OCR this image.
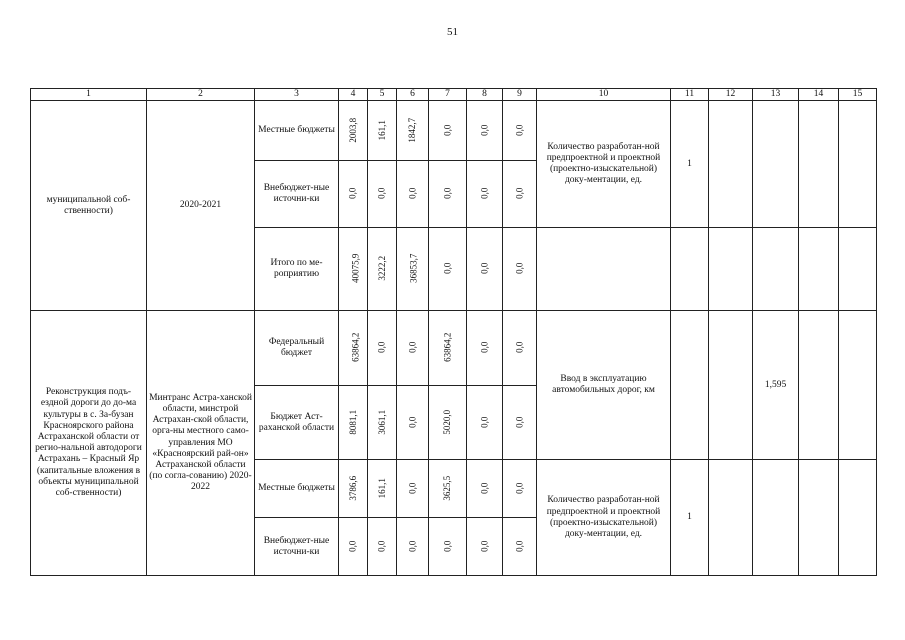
51
1	2	3	4	5	6	7	8	9	10	11	12	13	14	15
муниципальной соб-ственности)	2020-2021	Местные бюджеты	2003,8	161,1	1842,7	0,0	0,0	0,0	Количество разработан-ной предпроектной и проектной (проектно-изыскательной) доку-ментации, ед.	1				
		Внебюджет-ные источни-ки	0,0	0,0	0,0	0,0	0,0	0,0						
		Итого по ме-роприятию	40075,9	3222,2	36853,7	0,0	0,0	0,0						
Реконструкция подъ-ездной дороги до до-ма культуры в с. За-бузан Красноярского района Астраханской области от регио-нальной автодороги Астрахань – Красный Яр (капитальные вложения в объекты муниципальной соб-ственности)	Минтранс Астра-ханской области, минстрой Астрахан-ской области, орга-ны местного само-управления МО «Красноярский рай-он» Астраханской области (по согла-сованию) 2020-2022	Федеральный бюджет	63864,2	0,0	0,0	63864,2	0,0	0,0	Ввод в эксплуатацию автомобильных дорог, км			1,595		
		Бюджет Аст-раханской области	8081,1	3061,1	0,0	5020,0	0,0	0,0						
		Местные бюджеты	3786,6	161,1	0,0	3625,5	0,0	0,0	Количество разработан-ной предпроектной и проектной (проектно-изыскательной) доку-ментации, ед.	1				
		Внебюджет-ные источни-ки	0,0	0,0	0,0	0,0	0,0	0,0						
